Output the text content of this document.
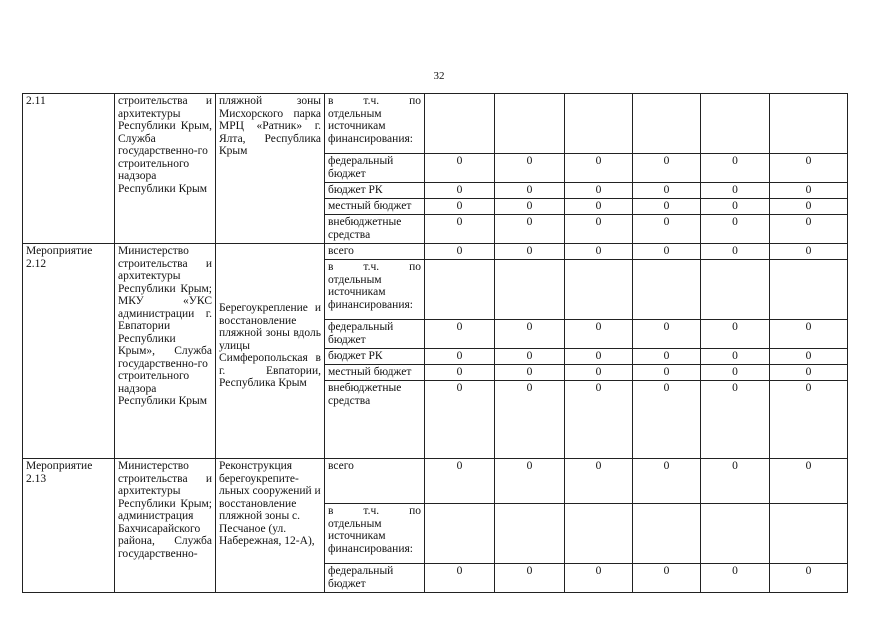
32
2.11	строительства и архитектуры Республики Крым, Служба государственно-го строительного надзора Республики Крым	пляжной зоны Мисхорского парка МРЦ «Ратник» г. Ялта, Республика Крым	в т.ч. по отдельным источникам финансирования:						
			федеральный бюджет	0	0	0	0	0	0
			бюджет РК	0	0	0	0	0	0
			местный бюджет	0	0	0	0	0	0
			внебюджетные средства	0	0	0	0	0	0

Мероприятие 2.12	Министерство строительства и архитектуры Республики Крым; МКУ «УКС администрации г. Евпатории Республики Крым», Служба государственно-го строительного надзора Республики Крым	Берегоукрепление и восстановление пляжной зоны вдоль улицы Симферопольская в г. Евпатории, Республика Крым	всего	0	0	0	0	0	0
			в т.ч. по отдельным источникам финансирования:						
			федеральный бюджет	0	0	0	0	0	0
			бюджет РК	0	0	0	0	0	0
			местный бюджет	0	0	0	0	0	0
			внебюджетные средства	0	0	0	0	0	0

Мероприятие 2.13	Министерство строительства и архитектуры Республики Крым; администрация Бахчисарайского района, Служба государственно-	Реконструкция берегоукрепите-льных сооружений и восстановление пляжной зоны с. Песчаное (ул. Набережная, 12-А),	всего	0	0	0	0	0	0
			в т.ч. по отдельным источникам финансирования:						
			федеральный бюджет	0	0	0	0	0	0
